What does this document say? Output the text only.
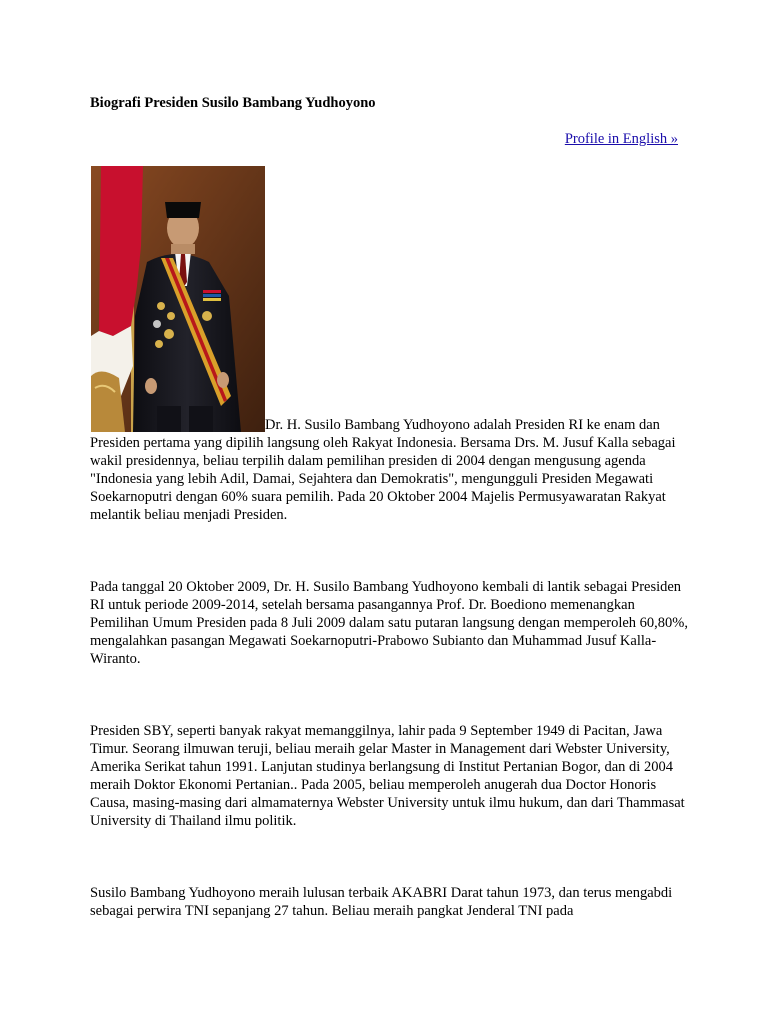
Biografi Presiden Susilo Bambang Yudhoyono
Profile in English »

Dr. H. Susilo Bambang Yudhoyono adalah Presiden RI ke enam dan Presiden pertama yang dipilih langsung oleh Rakyat Indonesia. Bersama Drs. M. Jusuf Kalla sebagai wakil presidennya, beliau terpilih dalam pemilihan presiden di 2004 dengan mengusung agenda "Indonesia yang lebih Adil, Damai, Sejahtera dan Demokratis", mengungguli Presiden Megawati Soekarnoputri dengan 60% suara pemilih. Pada 20 Oktober 2004 Majelis Permusyawaratan Rakyat melantik beliau menjadi Presiden.

Pada tanggal 20 Oktober 2009, Dr. H. Susilo Bambang Yudhoyono kembali di lantik sebagai Presiden RI untuk periode 2009-2014, setelah bersama pasangannya Prof. Dr. Boediono memenangkan Pemilihan Umum Presiden pada 8 Juli 2009 dalam satu putaran langsung dengan memperoleh 60,80%, mengalahkan pasangan Megawati Soekarnoputri-Prabowo Subianto dan Muhammad Jusuf Kalla-Wiranto.

Presiden SBY, seperti banyak rakyat memanggilnya, lahir pada 9 September 1949 di Pacitan, Jawa Timur. Seorang ilmuwan teruji, beliau meraih gelar Master in Management dari Webster University, Amerika Serikat tahun 1991. Lanjutan studinya berlangsung di Institut Pertanian Bogor, dan di 2004 meraih Doktor Ekonomi Pertanian.. Pada 2005, beliau memperoleh anugerah dua Doctor Honoris Causa, masing-masing dari almamaternya Webster University untuk ilmu hukum, dan dari Thammasat University di Thailand ilmu politik.

Susilo Bambang Yudhoyono meraih lulusan terbaik AKABRI Darat tahun 1973, dan terus mengabdi sebagai perwira TNI sepanjang 27 tahun. Beliau meraih pangkat Jenderal TNI pada
